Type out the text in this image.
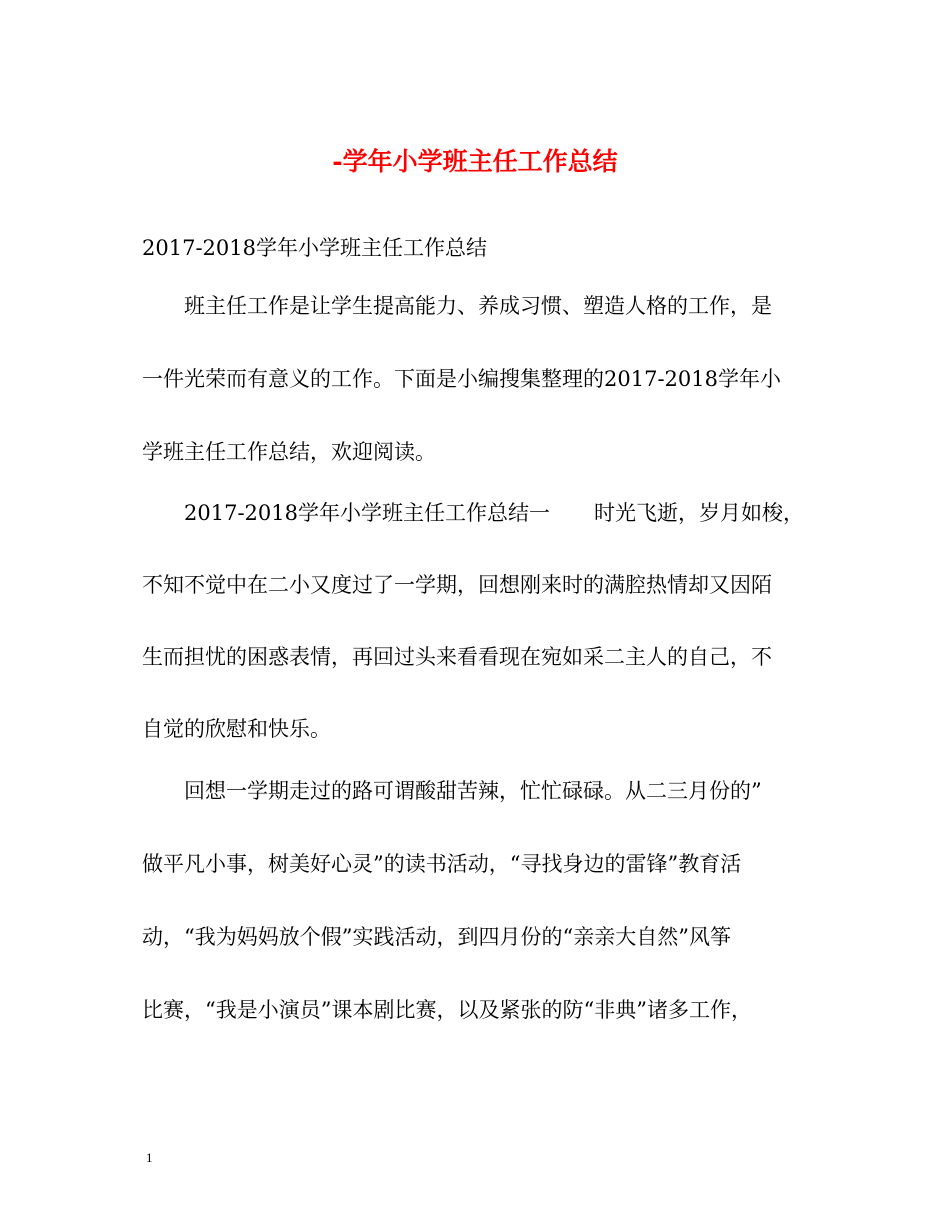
-学年小学班主任工作总结
2017-2018学年小学班主任工作总结
班主任工作是让学生提高能力、养成习惯、塑造人格的工作，是
一件光荣而有意义的工作。下面是小编搜集整理的2017-2018学年小
学班主任工作总结，欢迎阅读。
2017-2018学年小学班主任工作总结一 时光飞逝，岁月如梭，
不知不觉中在二小又度过了一学期，回想刚来时的满腔热情却又因陌
生而担忧的困惑表情，再回过头来看看现在宛如采二主人的自己，不
自觉的欣慰和快乐。
回想一学期走过的路可谓酸甜苦辣，忙忙碌碌。从二三月份的”
做平凡小事，树美好心灵”的读书活动，“寻找身边的雷锋”教育活
动，“我为妈妈放个假”实践活动，到四月份的“亲亲大自然”风筝
比赛，“我是小演员”课本剧比赛，以及紧张的防“非典”诸多工作，
1
